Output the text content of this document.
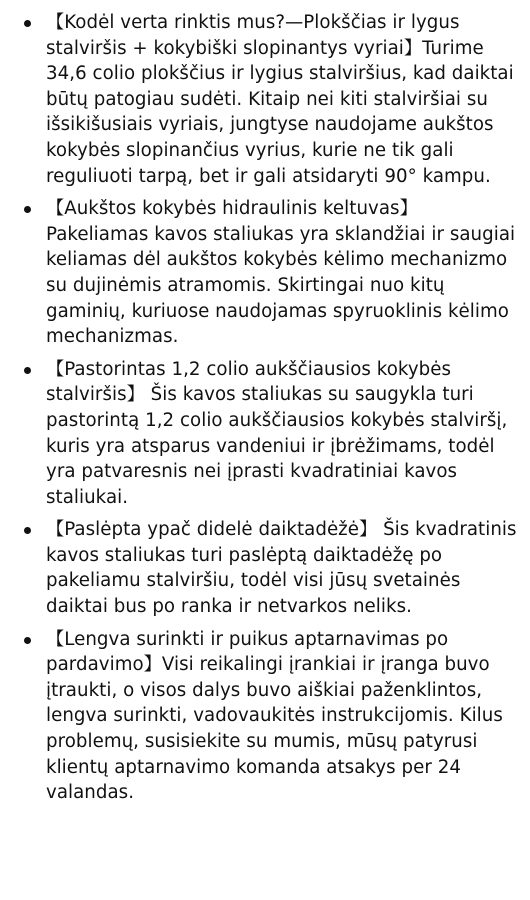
【Kodėl verta rinktis mus?—Plokščias ir lygus stalviršis + kokybiški slopinantys vyriai】Turime 34,6 colio plokščius ir lygius stalviršius, kad daiktai būtų patogiau sudėti. Kitaip nei kiti stalviršiai su išsikišusiais vyriais, jungtyse naudojame aukštos kokybės slopinančius vyrius, kurie ne tik gali reguliuoti tarpą, bet ir gali atsidaryti 90° kampu.
【Aukštos kokybės hidraulinis keltuvas】 Pakeliamas kavos staliukas yra sklandžiai ir saugiai keliamas dėl aukštos kokybės kėlimo mechanizmo su dujinėmis atramomis. Skirtingai nuo kitų gaminių, kuriuose naudojamas spyruoklinis kėlimo mechanizmas.
【Pastorintas 1,2 colio aukščiausios kokybės stalviršis】 Šis kavos staliukas su saugykla turi pastorintą 1,2 colio aukščiausios kokybės stalviršį, kuris yra atsparus vandeniui ir įbrėžimams, todėl yra patvaresnis nei įprasti kvadratiniai kavos staliukai.
【Paslėpta ypač didelė daiktadėžė】 Šis kvadratinis kavos staliukas turi paslėptą daiktadėžę po pakeliamu stalviršiu, todėl visi jūsų svetainės daiktai bus po ranka ir netvarkos neliks.
【Lengva surinkti ir puikus aptarnavimas po pardavimo】Visi reikalingi įrankiai ir įranga buvo įtraukti, o visos dalys buvo aiškiai paženklintos, lengva surinkti, vadovaukitės instrukcijomis. Kilus problemų, susisiekite su mumis, mūsų patyrusi klientų aptarnavimo komanda atsakys per 24 valandas.
